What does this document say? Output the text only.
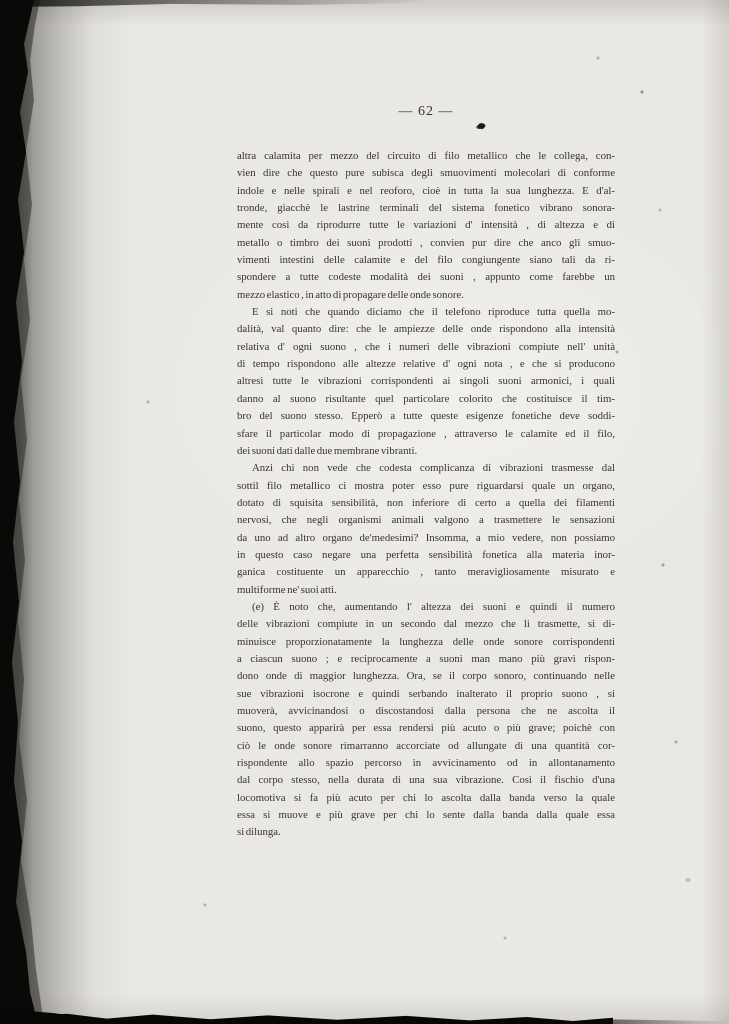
— 62 —
altra calamita per mezzo del circuito di filo metallico che le collega, con-
vien dire che questo pure subisca degli smuovimenti molecolari di conforme
indole e nelle spirali e nel reoforo, cioè in tutta la sua lunghezza. E d'al-
tronde, giacchè le lastrine terminali del sistema fonetico vibrano sonora-
mente così da riprodurre tutte le variazioni d' intensità , di altezza e di
metallo o timbro dei suoni prodotti , convien pur dire che anco gli smuo-
vimenti intestini delle calamite e del filo congiungente siano tali da ri-
spondere a tutte codeste modalità dei suoni , appunto come farebbe un
mezzo elastico , in atto di propagare delle onde sonore.
E si noti che quando diciamo che il telefono riproduce tutta quella mo-
dalità, val quanto dire: che le ampiezze delle onde rispondono alla intensità
relativa d' ogni suono , che i numeri delle vibrazioni compiute nell' unità
di tempo rispondono alle altezze relative d' ogni nota , e che si producono
altresì tutte le vibrazioni corrispondenti ai singoli suoni armonici, i quali
danno al suono risultante quel particolare colorito che costituisce il tim-
bro del suono stesso. Epperò a tutte queste esigenze fonetiche deve soddi-
sfare il particolar modo di propagazione , attraverso le calamite ed il filo,
dei suoni dati dalle due membrane vibranti.
Anzi chi non vede che codesta complicanza di vibrazioni trasmesse dal
sottil filo metallico ci mostra poter esso pure riguardarsi quale un organo,
dotato di squisita sensibilità, non inferiore di certo a quella dei filamenti
nervosi, che negli organismi animali valgono a trasmettere le sensazioni
da uno ad altro organo de'medesimi? Insomma, a mio vedere, non possiamo
in questo caso negare una perfetta sensibilità fonetica alla materia inor-
ganica costituente un apparecchio , tanto meravigliosamente misurato e
multiforme ne' suoi atti.
(e) È noto che, aumentando l' altezza dei suoni e quindi il numero
delle vibrazioni compiute in un secondo dal mezzo che li trasmette, si di-
minuisce proporzionatamente la lunghezza delle onde sonore corrispondenti
a ciascun suono ; e reciprocamente a suoni man mano più gravi rispon-
dono onde di maggior lunghezza. Ora, se il corpo sonoro, continuando nelle
sue vibrazioni isocrone e quindi serbando inalterato il proprio suono , si
muoverà, avvicinandosi o discostandosi dalla persona che ne ascolta il
suono, questo apparirà per essa rendersi più acuto o più grave; poichè con
ciò le onde sonore rimarranno accorciate od allungate di una quantità cor-
rispondente allo spazio percorso in avvicinamento od in allontanamento
dal corpo stesso, nella durata di una sua vibrazione. Così il fischio d'una
locomotiva si fa più acuto per chi lo ascolta dalla banda verso la quale
essa si muove e più grave per chi lo sente dalla banda dalla quale essa
si dilunga.
